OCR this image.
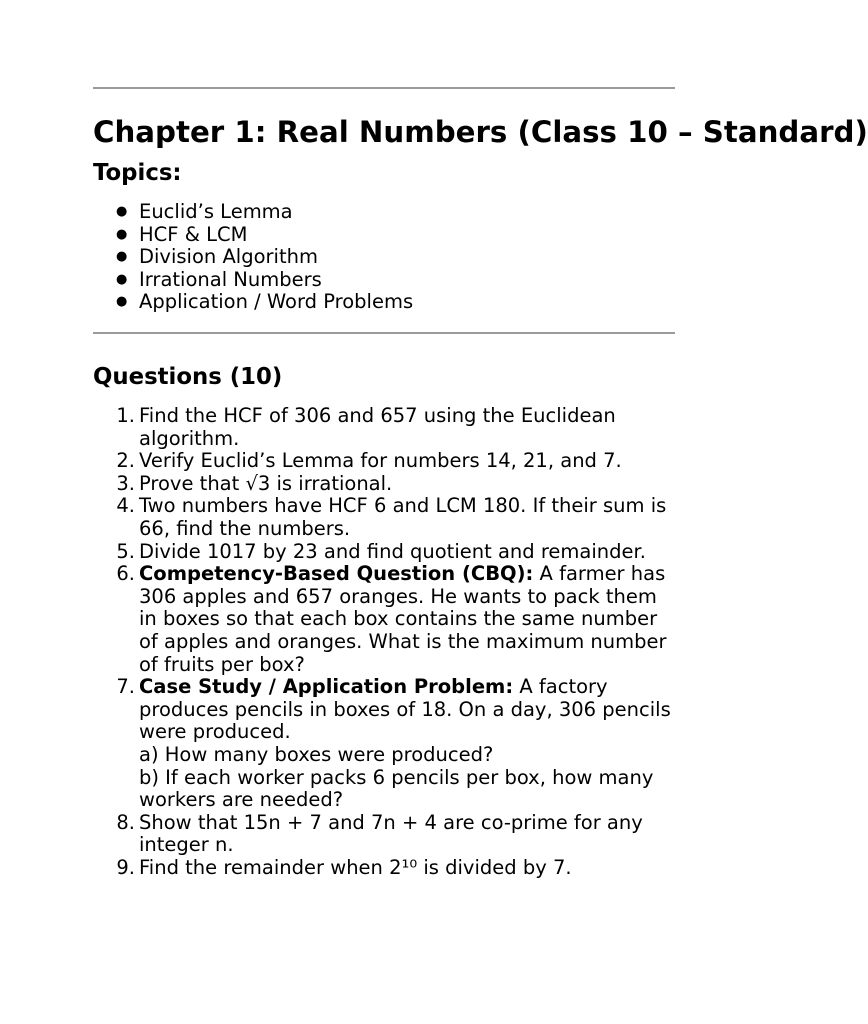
Chapter 1: Real Numbers (Class 10 – Standard)
Topics:
● Euclid’s Lemma
● HCF & LCM
● Division Algorithm
● Irrational Numbers
● Application / Word Problems
Questions (10)
1. Find the HCF of 306 and 657 using the Euclidean algorithm.
2. Verify Euclid’s Lemma for numbers 14, 21, and 7.
3. Prove that √3 is irrational.
4. Two numbers have HCF 6 and LCM 180. If their sum is 66, find the numbers.
5. Divide 1017 by 23 and find quotient and remainder.
6. Competency-Based Question (CBQ): A farmer has 306 apples and 657 oranges. He wants to pack them in boxes so that each box contains the same number of apples and oranges. What is the maximum number of fruits per box?
7. Case Study / Application Problem: A factory produces pencils in boxes of 18. On a day, 306 pencils were produced.
a) How many boxes were produced?
b) If each worker packs 6 pencils per box, how many workers are needed?
8. Show that 15n + 7 and 7n + 4 are co-prime for any integer n.
9. Find the remainder when 2¹⁰ is divided by 7.
